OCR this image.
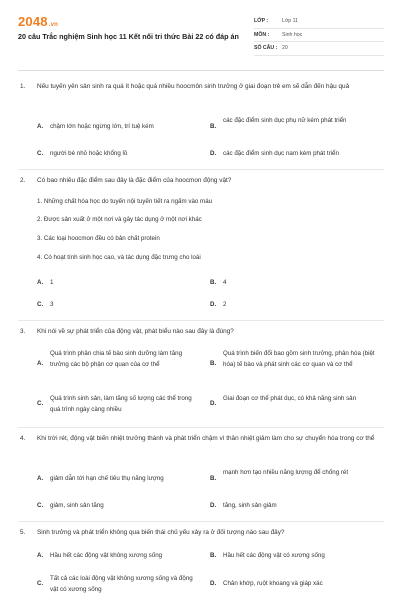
2048.vn
20 câu Trắc nghiệm Sinh học 11 Kết nối tri thức Bài 22 có đáp án
LỚP :	Lớp 11
MÔN :	Sinh học
SỐ CÂU : 20
1. Nếu tuyến yên sản sinh ra quá ít hoặc quá nhiều hoocmôn sinh trưởng ở giai đoạn trẻ em sẽ dẫn đến hậu quả
A. chậm lớn hoặc ngừng lớn, trí tuệ kém	B.
các đặc điểm sinh dục phụ nữ kém phát triển
C. người bé nhỏ hoặc khổng lồ	D. các đặc điểm sinh dục nam kém phát triển
2. Có bao nhiêu đặc điểm sau đây là đặc điểm của hoocmon động vật?
1. Những chất hóa học do tuyến nội tuyến tiết ra ngấm vào máu
2. Được sản xuất ở một nơi và gây tác dụng ở một nơi khác
3. Các loại hoocmon đều có bản chất protein
4. Có hoạt tính sinh học cao, và tác dụng đặc trưng cho loài
A. 1	B. 4
C. 3	D. 2
3. Khi nói về sự phát triển của động vật, phát biểu nào sau đây là đúng?
A.
Quá trình phân chia tế bào sinh dưỡng làm tăng trưởng các bộ phận cơ quan của cơ thể	B.
Quá trình biến đổi bao gồm sinh trưởng, phân hóa (biệt hóa) tế bào và phát sinh các cơ quan và cơ thể
C.
Quá trình sinh sản, làm tăng số lượng các thể trong quá trình ngày càng nhiều
D.
Giai đoạn cơ thể phát dục, có khả năng sinh sản
4. Khi trời rét, động vật biến nhiệt trưởng thành và phát triển chậm vì thân nhiệt giảm làm cho sự chuyển hóa trong cơ thể
A. giảm dẫn tới hạn chế tiêu thụ năng lượng	B.
mạnh hơn tạo nhiều năng lượng để chống rét
C. giảm, sinh sản tăng	D. tăng, sinh sản giảm
5. Sinh trưởng và phát triển không qua biến thái chủ yếu xảy ra ở đối tượng nào sau đây?
A. Hầu hết các động vật không xương sống	B. Hầu hết các động vật có xương sống
C.
Tất cả các loài động vật không xương sống và động vật có xương sống
D. Chân khớp, ruột khoang và giáp xác
